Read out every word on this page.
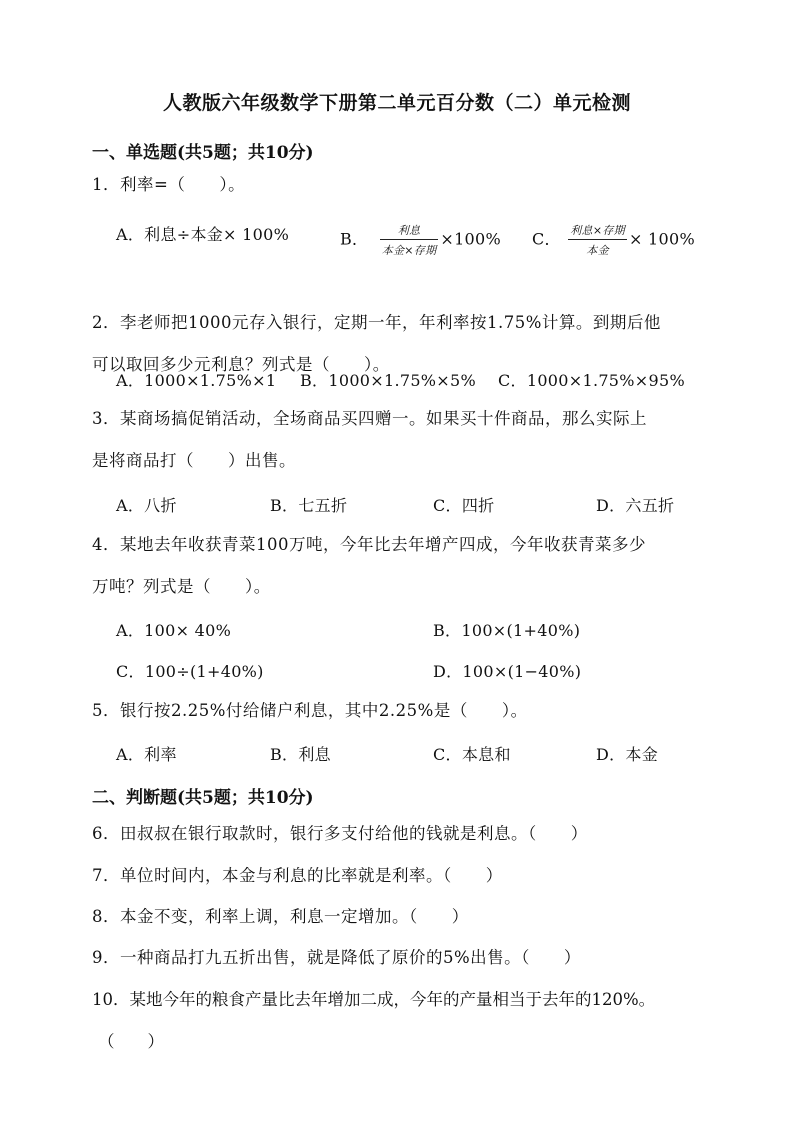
人教版六年级数学下册第二单元百分数（二）单元检测
一、单选题(共5题；共10分)
1．利率=（　　）。
A．利息÷本金× 100%	B． $\frac{\text{利息}}{\text{本金×存期}} \times 100\%$ C． $\frac{\text{利息×存期}}{\text{本金}} \times 100\%$
2．李老师把1000元存入银行，定期一年，年利率按1.75%计算。到期后他
可以取回多少元利息？列式是（　　）。
A．1000×1.75%×1 B．1000×1.75%×5% C．1000×1.75%×95%
3．某商场搞促销活动，全场商品买四赠一。如果买十件商品，那么实际上
是将商品打（　　）出售。
A．八折	B．七五折	C．四折	D．六五折
4．某地去年收获青菜100万吨，今年比去年增产四成，今年收获青菜多少
万吨？列式是（　　）。
A．100× 40%	B．100×(1+40%)
C．100÷(1+40%)	D．100×(1−40%)
5．银行按2.25%付给储户利息，其中2.25%是（　　）。
A．利率	B．利息	C．本息和	D．本金
二、判断题(共5题；共10分)
6．田叔叔在银行取款时，银行多支付给他的钱就是利息。（　　）
7．单位时间内，本金与利息的比率就是利率。（　　）
8．本金不变，利率上调，利息一定增加。（　　）
9．一种商品打九五折出售，就是降低了原价的5%出售。（　　）
10．某地今年的粮食产量比去年增加二成，今年的产量相当于去年的120%。
（　　）
